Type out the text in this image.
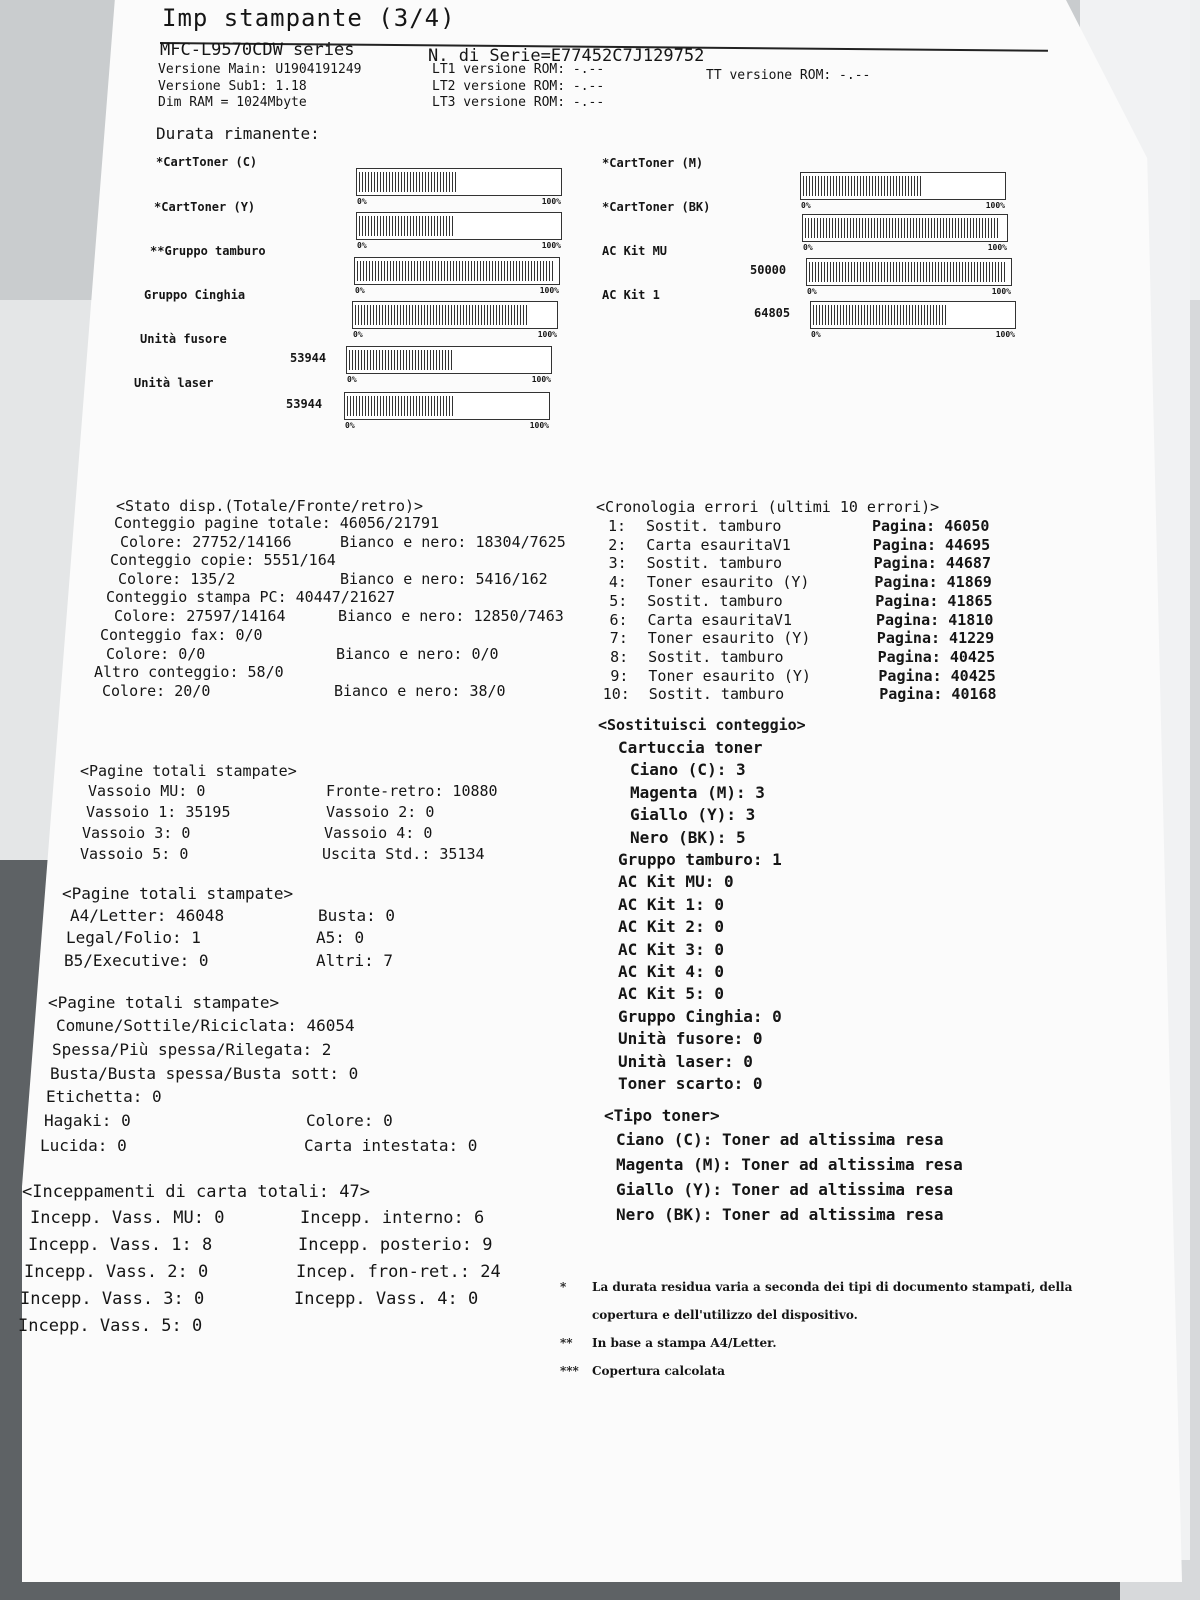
Imp stampante (3/4)
MFC-L9570CDW series	N. di Serie=E77452C7J129752
Versione Main: U1904191249
Versione Sub1: 1.18
Dim RAM = 1024Mbyte
LT1 versione ROM: -.--
LT2 versione ROM: -.--
LT3 versione ROM: -.--
TT versione ROM: -.--
Durata rimanente:
*CartToner (C)
0%	100%
*CartToner (Y)
0%	100%
**Gruppo tamburo
0%	100%
Gruppo Cinghia
0%	100%
Unità fusore
53944
0%	100%
Unità laser
53944
0%	100%
*CartToner (M)
0%	100%
*CartToner (BK)
0%	100%
AC Kit MU
50000
0%	100%
AC Kit 1
64805
0%	100%
<Stato disp.(Totale/Fronte/retro)>
Conteggio pagine totale: 46056/21791
Colore: 27752/14166	Bianco e nero: 18304/7625
Conteggio copie: 5551/164
Colore: 135/2	Bianco e nero: 5416/162
Conteggio stampa PC: 40447/21627
Colore: 27597/14164	Bianco e nero: 12850/7463
Conteggio fax: 0/0
Colore: 0/0	Bianco e nero: 0/0
Altro conteggio: 58/0
Colore: 20/0	Bianco e nero: 38/0
<Cronologia errori (ultimi 10 errori)>
1: Sostit. tamburo	Pagina: 46050
2: Carta esauritaV1	Pagina: 44695
3: Sostit. tamburo	Pagina: 44687
4: Toner esaurito (Y)	Pagina: 41869
5: Sostit. tamburo	Pagina: 41865
6: Carta esauritaV1	Pagina: 41810
7: Toner esaurito (Y)	Pagina: 41229
8: Sostit. tamburo	Pagina: 40425
9: Toner esaurito (Y)	Pagina: 40425
10: Sostit. tamburo	Pagina: 40168
<Sostituisci conteggio>
Cartuccia toner
Ciano (C): 3
Magenta (M): 3
Giallo (Y): 3
Nero (BK): 5
Gruppo tamburo: 1
AC Kit MU: 0
AC Kit 1: 0
AC Kit 2: 0
AC Kit 3: 0
AC Kit 4: 0
AC Kit 5: 0
Gruppo Cinghia: 0
Unità fusore: 0
Unità laser: 0
Toner scarto: 0
<Pagine totali stampate>
Vassoio MU: 0	Fronte-retro: 10880
Vassoio 1: 35195	Vassoio 2: 0
Vassoio 3: 0	Vassoio 4: 0
Vassoio 5: 0	Uscita Std.: 35134
<Pagine totali stampate>
A4/Letter: 46048	Busta: 0
Legal/Folio: 1	A5: 0
B5/Executive: 0	Altri: 7
<Pagine totali stampate>
Comune/Sottile/Riciclata: 46054
Spessa/Più spessa/Rilegata: 2
Busta/Busta spessa/Busta sott: 0
Etichetta: 0
Hagaki: 0	Colore: 0
Lucida: 0	Carta intestata: 0
<Inceppamenti di carta totali: 47>
Incepp. Vass. MU: 0	Incepp. interno: 6
Incepp. Vass. 1: 8	Incepp. posterio: 9
Incepp. Vass. 2: 0	Incep. fron-ret.: 24
Incepp. Vass. 3: 0	Incepp. Vass. 4: 0
Incepp. Vass. 5: 0
<Tipo toner>
Ciano (C): Toner ad altissima resa
Magenta (M): Toner ad altissima resa
Giallo (Y): Toner ad altissima resa
Nero (BK): Toner ad altissima resa
* La durata residua varia a seconda dei tipi di documento stampati, della
copertura e dell'utilizzo del dispositivo.
** In base a stampa A4/Letter.
*** Copertura calcolata
